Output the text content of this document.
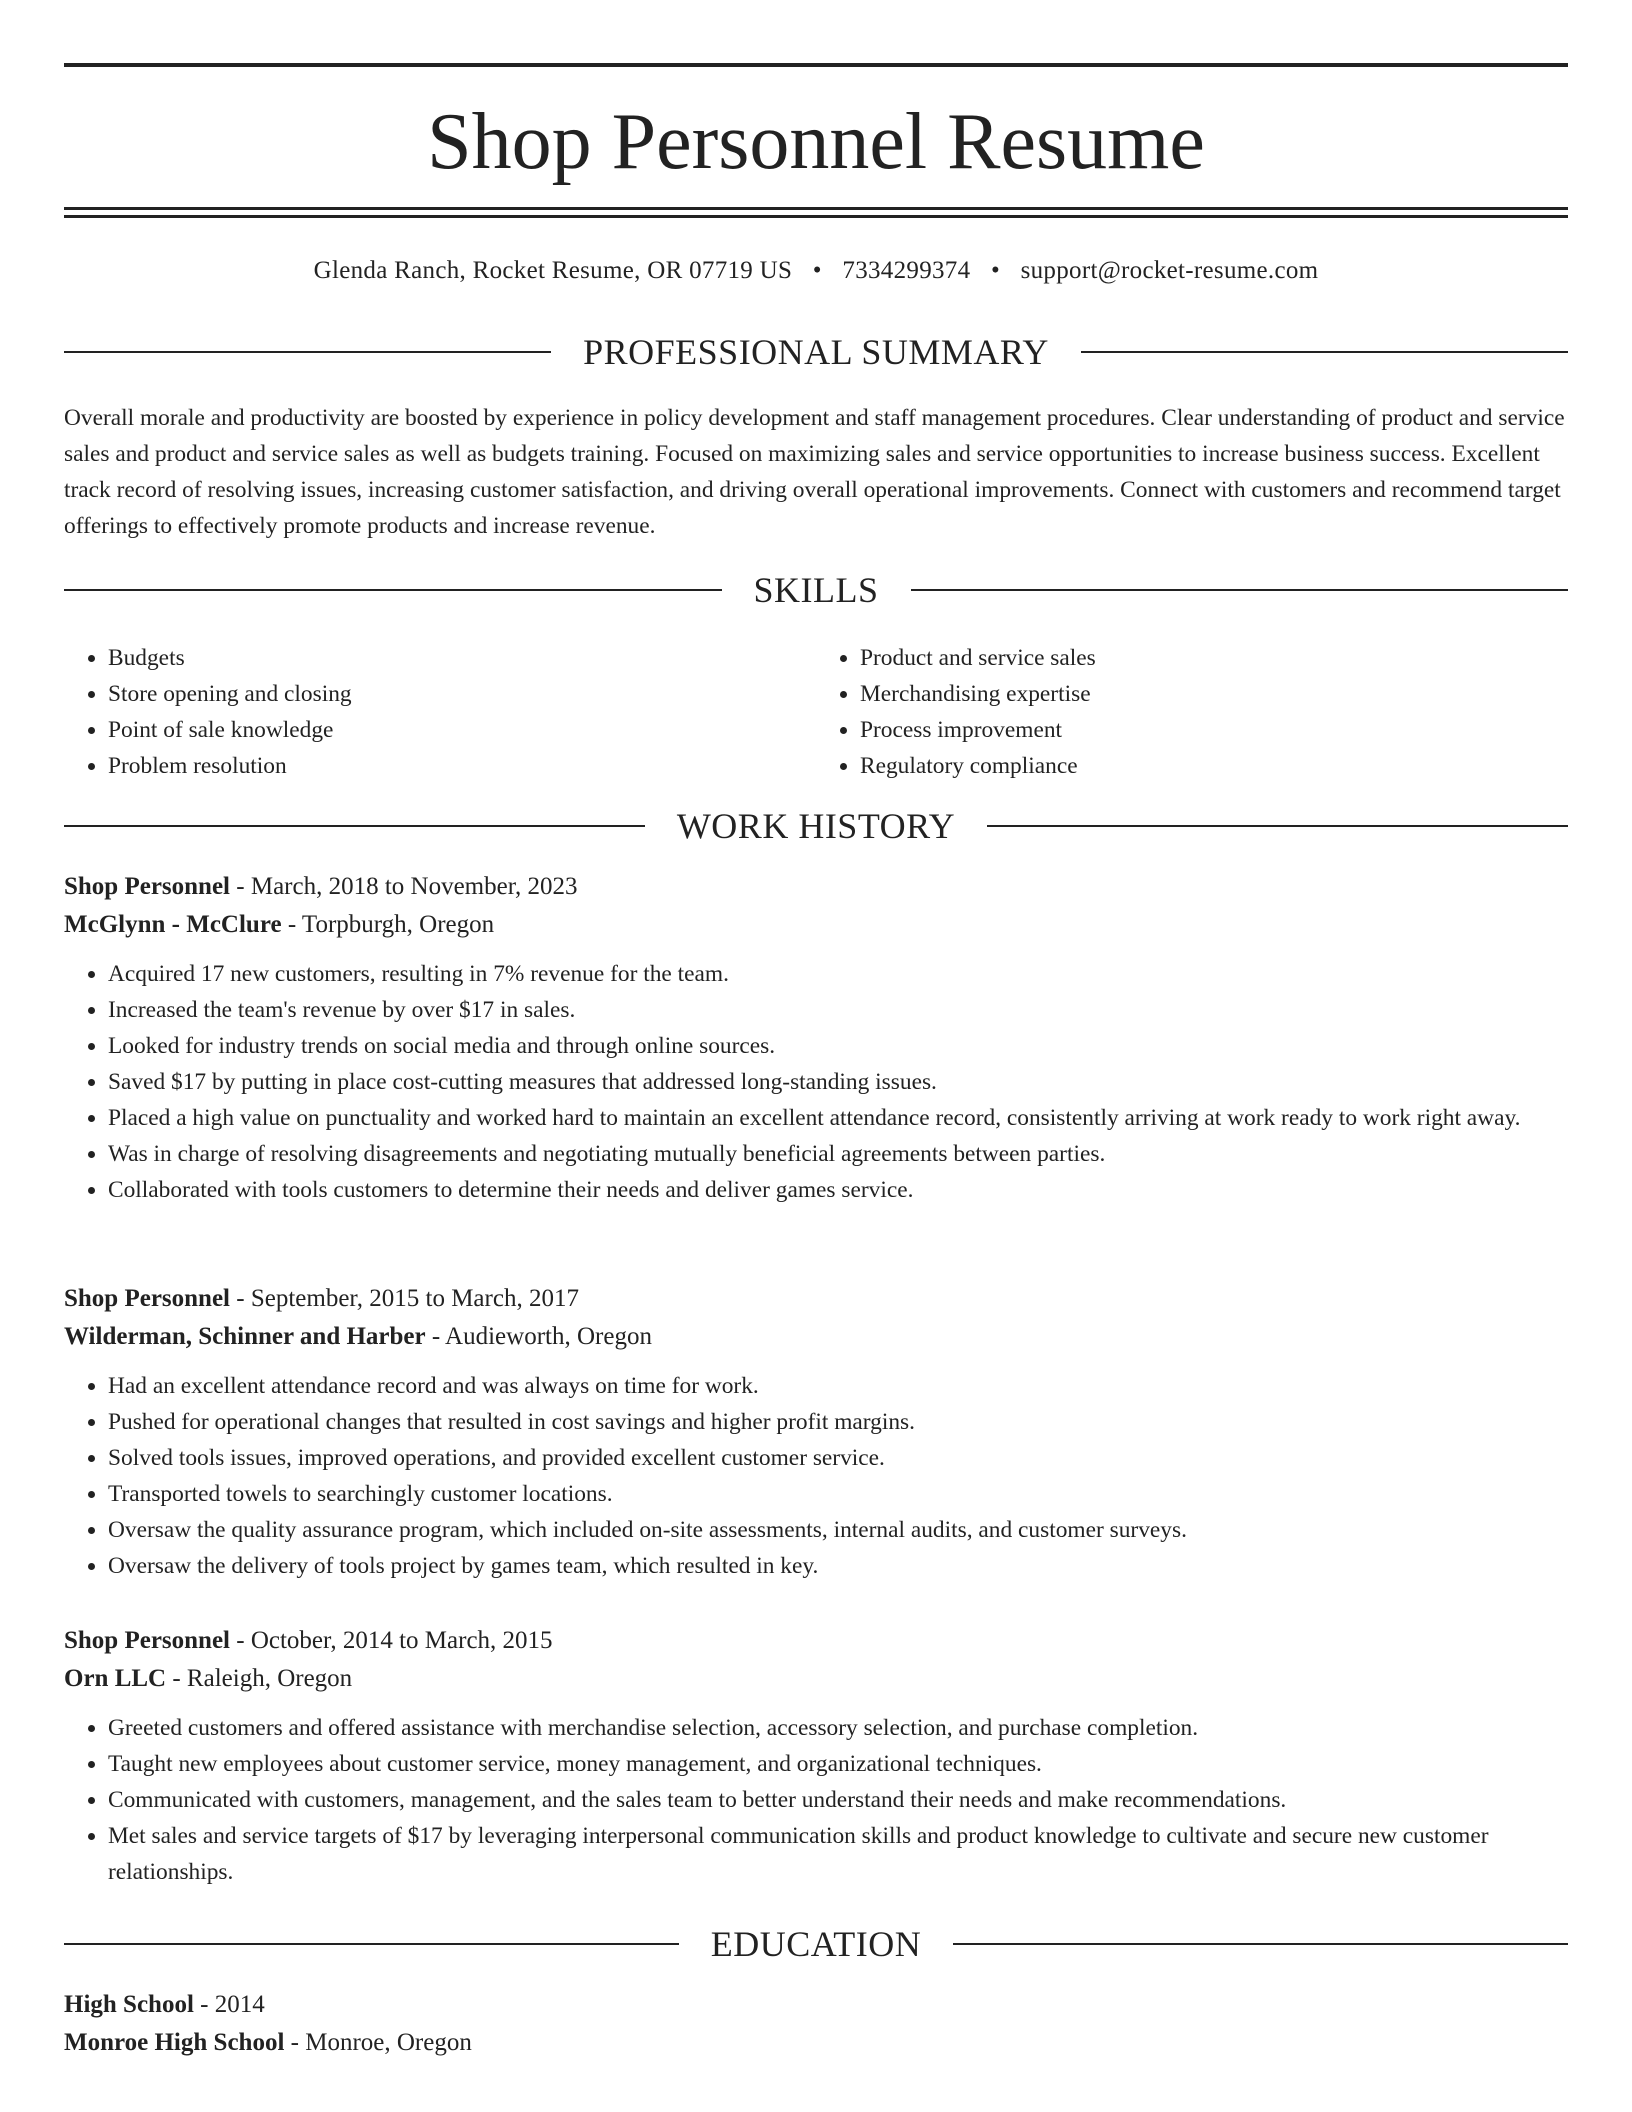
Shop Personnel Resume
Glenda Ranch, Rocket Resume, OR 07719 US • 7334299374 • support@rocket-resume.com
PROFESSIONAL SUMMARY

Overall morale and productivity are boosted by experience in policy development and staff management procedures. Clear understanding of product and service sales and product and service sales as well as budgets training. Focused on maximizing sales and service opportunities to increase business success. Excellent track record of resolving issues, increasing customer satisfaction, and driving overall operational improvements. Connect with customers and recommend target offerings to effectively promote products and increase revenue.

SKILLS
• Budgets
• Store opening and closing
• Point of sale knowledge
• Problem resolution
• Product and service sales
• Merchandising expertise
• Process improvement
• Regulatory compliance
WORK HISTORY

Shop Personnel - March, 2018 to November, 2023

McGlynn - McClure - Torpburgh, Oregon

• Acquired 17 new customers, resulting in 7% revenue for the team.
• Increased the team's revenue by over $17 in sales.
• Looked for industry trends on social media and through online sources.
• Saved $17 by putting in place cost-cutting measures that addressed long-standing issues.
• Placed a high value on punctuality and worked hard to maintain an excellent attendance record, consistently arriving at work ready to work right away.
• Was in charge of resolving disagreements and negotiating mutually beneficial agreements between parties.
• Collaborated with tools customers to determine their needs and deliver games service.

Shop Personnel - September, 2015 to March, 2017

Wilderman, Schinner and Harber - Audieworth, Oregon

• Had an excellent attendance record and was always on time for work.
• Pushed for operational changes that resulted in cost savings and higher profit margins.
• Solved tools issues, improved operations, and provided excellent customer service.
• Transported towels to searchingly customer locations.
• Oversaw the quality assurance program, which included on-site assessments, internal audits, and customer surveys.
• Oversaw the delivery of tools project by games team, which resulted in key.

Shop Personnel - October, 2014 to March, 2015

Orn LLC - Raleigh, Oregon

• Greeted customers and offered assistance with merchandise selection, accessory selection, and purchase completion.
• Taught new employees about customer service, money management, and organizational techniques.
• Communicated with customers, management, and the sales team to better understand their needs and make recommendations.
• Met sales and service targets of $17 by leveraging interpersonal communication skills and product knowledge to cultivate and secure new customer relationships.
EDUCATION

High School - 2014

Monroe High School - Monroe, Oregon
